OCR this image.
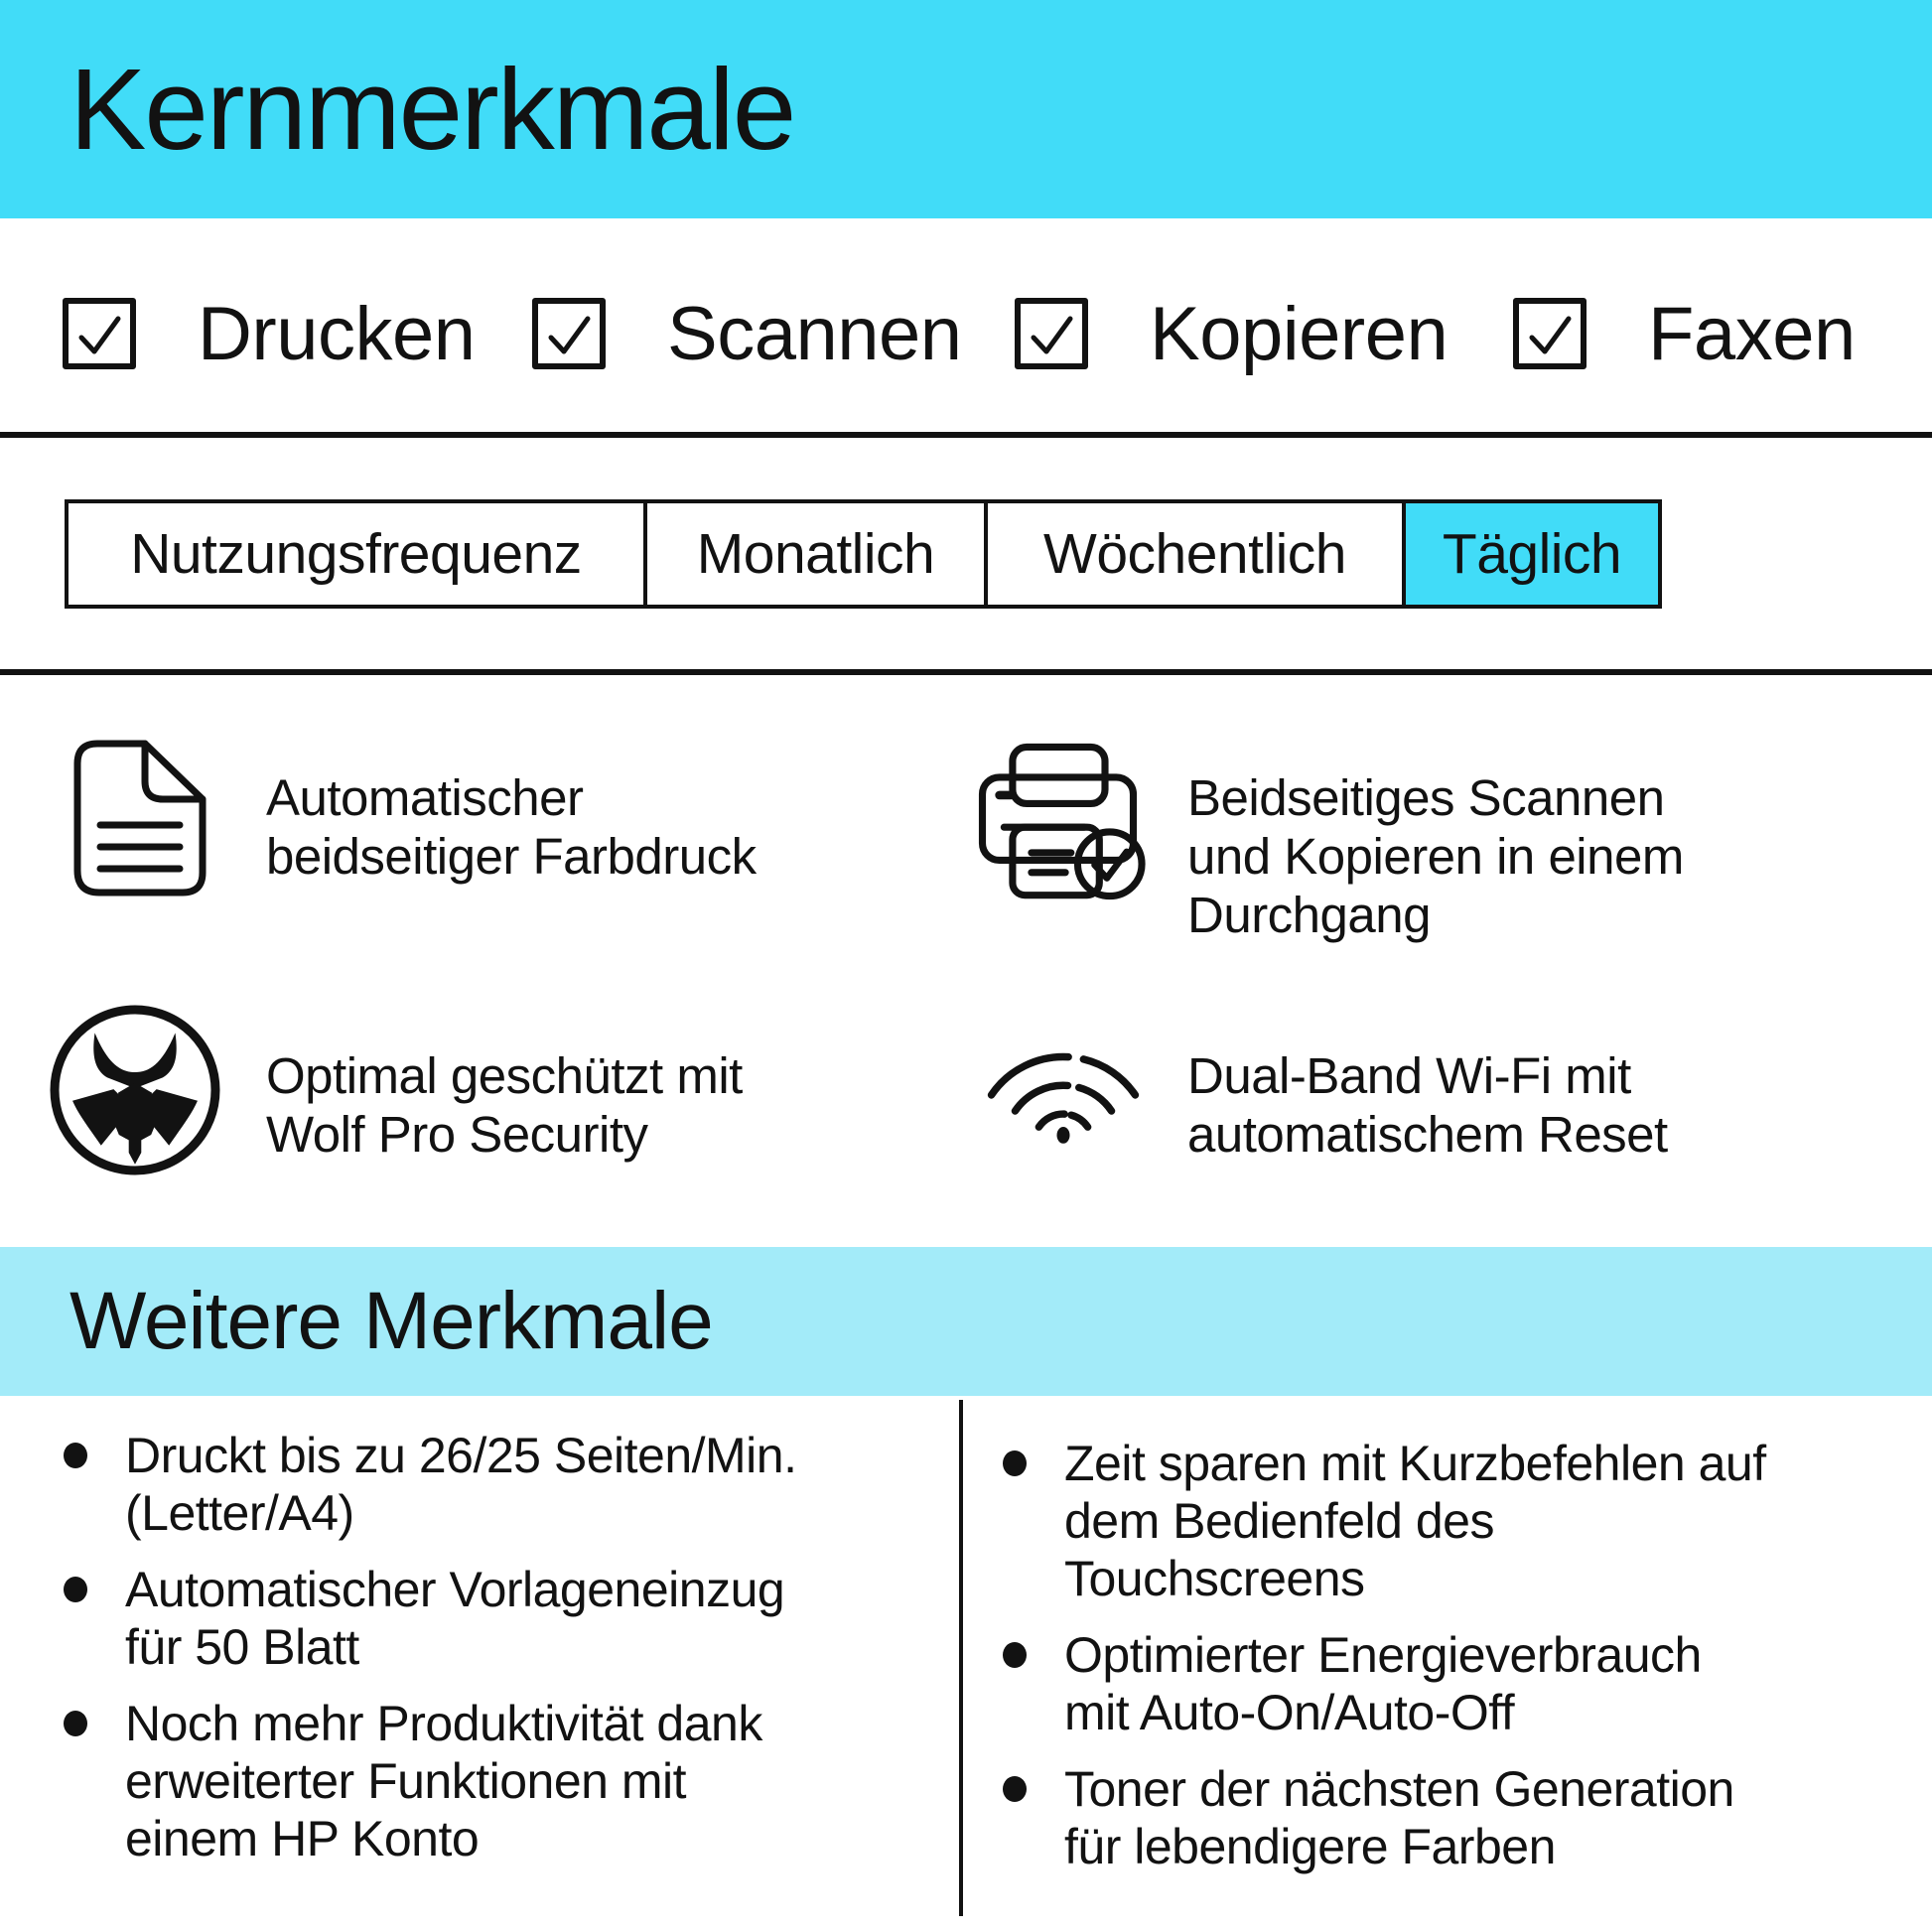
Kernmerkmale
Drucken	Scannen Kopieren	Faxen
Nutzungsfrequenz	Monatlich	Wöchentlich	Täglich
Automatischer
beidseitiger Farbdruck
Beidseitiges Scannen
und Kopieren in einem
Durchgang
Optimal geschützt mit
Wolf Pro Security
Dual-Band Wi-Fi mit
automatischem Reset
Weitere Merkmale
Druckt bis zu 26/25 Seiten/Min.
(Letter/A4)
Automatischer Vorlageneinzug
für 50 Blatt
Noch mehr Produktivität dank
erweiterter Funktionen mit
einem HP Konto
Zeit sparen mit Kurzbefehlen auf
dem Bedienfeld des
Touchscreens
Optimierter Energieverbrauch
mit Auto-On/Auto-Off
Toner der nächsten Generation
für lebendigere Farben
